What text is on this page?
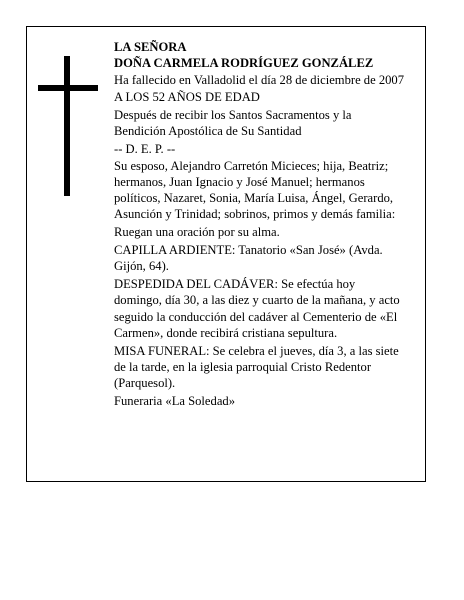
LA SEÑORA

DOÑA CARMELA RODRÍGUEZ GONZÁLEZ

Ha fallecido en Valladolid el día 28 de diciembre de 2007

A LOS 52 AÑOS DE EDAD

Después de recibir los Santos Sacramentos y la Bendición Apostólica de Su Santidad

-- D. E. P. --

Su esposo, Alejandro Carretón Micieces; hija, Beatriz; hermanos, Juan Ignacio y José Manuel; hermanos políticos, Nazaret, Sonia, María Luisa, Ángel, Gerardo, Asunción y Trinidad; sobrinos, primos y demás familia:

Ruegan una oración por su alma.

CAPILLA ARDIENTE: Tanatorio «San José» (Avda. Gijón, 64).

DESPEDIDA DEL CADÁVER: Se efectúa hoy domingo, día 30, a las diez y cuarto de la mañana, y acto seguido la conducción del cadáver al Cementerio de «El Carmen», donde recibirá cristiana sepultura.

MISA FUNERAL: Se celebra el jueves, día 3, a las siete de la tarde, en la iglesia parroquial Cristo Redentor (Parquesol).

Funeraria «La Soledad»
